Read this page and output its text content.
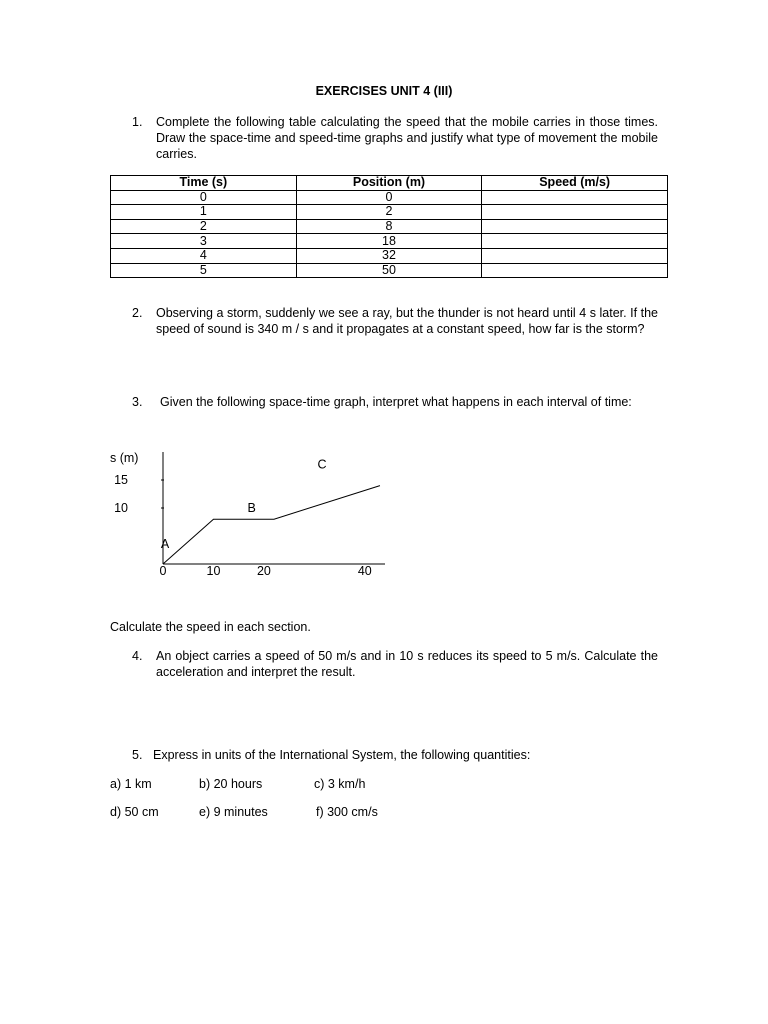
EXERCISES UNIT 4 (III)
1. Complete the following table calculating the speed that the mobile carries in those times. Draw the space-time and speed-time graphs and justify what type of movement the mobile carries.
Time (s)	Position (m)	Speed (m/s)
0	0	
1	2	
2	8	
3	18	
4	32	
5	50	
2. Observing a storm, suddenly we see a ray, but the thunder is not heard until 4 s later. If the speed of sound is 340 m / s and it propagates at a constant speed, how far is the storm?
3. Given the following space-time graph, interpret what happens in each interval of time:
s (m)
0	10	20	40
10
15
A
B
C
Calculate the speed in each section.
4. An object carries a speed of 50 m/s and in 10 s reduces its speed to 5 m/s. Calculate the acceleration and interpret the result.
5. Express in units of the International System, the following quantities:
a) 1 km	b) 20 hours	c) 3 km/h
d) 50 cm	e) 9 minutes	f) 300 cm/s
